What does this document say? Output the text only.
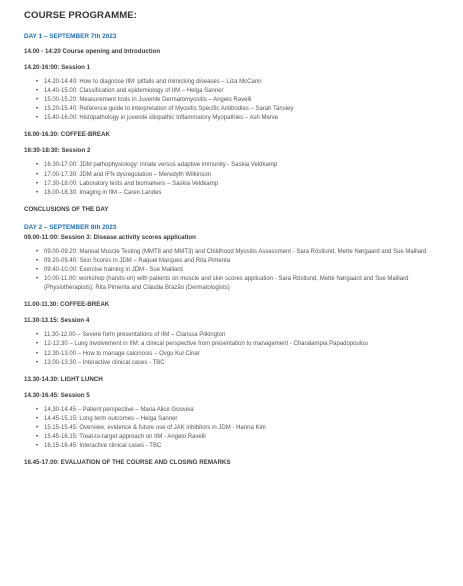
COURSE PROGRAMME:
DAY 1 – SEPTEMBER 7th 2023
14.00 - 14:20 Course opening and Introduction
14.20-16:00: Session 1
• 14.20-14.40: How to diagnose IIM: pitfalls and mimicking diseases – Liza McCann
• 14.40-15.00: Classification and epidemiology of IIM – Helga Sanner
• 15.00-15.20: Measurement tools in Juvenile Dermatomyositis – Angelo Ravelli
• 15.20-15.40: Reference guide to interpretation of Myositis Specific Antibodies – Sarah Tansley
• 15.40-16.00: Histopathology in juvenile idiopathic Inflammatory Myopathies – Ash Merve
16.00-16.30: COFFEE-BREAK
16:30-18:30: Session 2
• 16.30-17.00: JDM pathophysiology: innate versus adaptive immunity - Saskia Veldkamp
• 17.00-17.30: JDM and IFN dysregulation – Meredyth Wilkinson
• 17.30-18.00: Laboratory tests and biomarkers – Saskia Veldkamp
• 18.00-18.30: Imaging in IIM – Caren Landes
CONCLUSIONS OF THE DAY
DAY 2 – SEPTEMBER 8th 2023
09.00-11:00: Session 3: Disease activity scores application
• 09.00-09.20: Manual Muscle Testing (MMT8 and MMT3) and Childhood Myositis Assessment - Sara Röstlund, Mette Nørgaard and Sue Maillard
• 09.20-09.40: Skin Scores in JDM – Raquel Marques and Rita Pimenta
• 09:40-10.00: Exercise training in JDM - Sue Maillard
• 10.00-11.00: workshop (hands-on) with patients on muscle and skin scores application - Sara Röstlund, Mette Nørgaard and Sue Maillard (Physiotherapists); Rita Pimenta and Cláudia Brazão (Dermatologists)
11.00-11.30: COFFEE-BREAK
11.30-13.15: Session 4
• 11.30-12.00 – Severe form presentations of IIM – Clarissa Pilkington
• 12-12.30 – Lung involvement in IIM: a clinical perspective from presentation to management - Charalampia Papadopoulou
• 12.30-13.00 – How to manage calcinosis – Ovgu Kul Cinar
• 13.00-13.30 – Interactive clinical cases - TBC
13.30-14.30: LIGHT LUNCH
14.30-16.45: Session 5
• 14.30-14.45 – Patient perspective – Maria Alice Gouveia
• 14.45-15.15: Long term outcomes – Helga Sanner
• 15.15-15.45: Overview, evidence & future use of JAK inhibitors in JDM - Hanna Kim
• 15.45-16.15: Treat-to-target approach on IIM - Angelo Ravelli
• 16.15-16.45: Interactive clinical cases - TBC
16.45-17.00: EVALUATION OF THE COURSE AND CLOSING REMARKS
